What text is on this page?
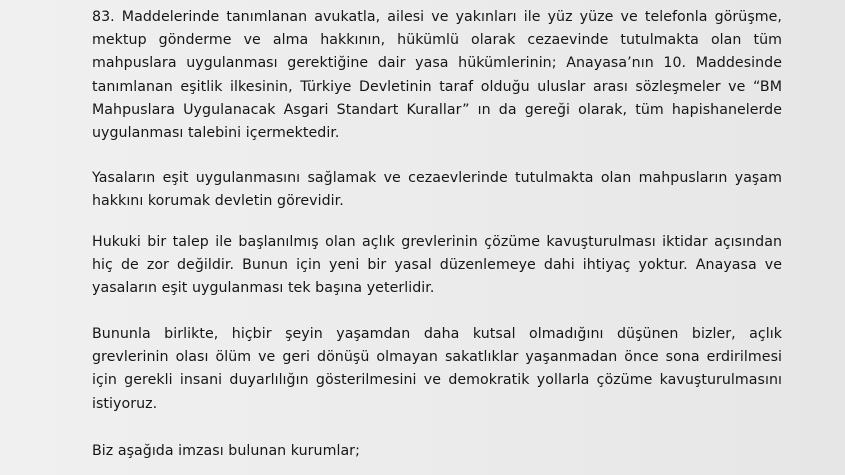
83. Maddelerinde tanımlanan avukatla, ailesi ve yakınları ile yüz yüze ve telefonla görüşme,
mektup gönderme ve alma hakkının, hükümlü olarak cezaevinde tutulmakta olan tüm
mahpuslara uygulanması gerektiğine dair yasa hükümlerinin; Anayasa’nın 10. Maddesinde
tanımlanan eşitlik ilkesinin, Türkiye Devletinin taraf olduğu uluslar arası sözleşmeler ve “BM
Mahpuslara Uygulanacak Asgari Standart Kurallar” ın da gereği olarak, tüm hapishanelerde
uygulanması talebini içermektedir.

Yasaların eşit uygulanmasını sağlamak ve cezaevlerinde tutulmakta olan mahpusların yaşam
hakkını korumak devletin görevidir.

Hukuki bir talep ile başlanılmış olan açlık grevlerinin çözüme kavuşturulması iktidar açısından
hiç de zor değildir. Bunun için yeni bir yasal düzenlemeye dahi ihtiyaç yoktur. Anayasa ve
yasaların eşit uygulanması tek başına yeterlidir.

Bununla birlikte, hiçbir şeyin yaşamdan daha kutsal olmadığını düşünen bizler, açlık
grevlerinin olası ölüm ve geri dönüşü olmayan sakatlıklar yaşanmadan önce sona erdirilmesi
için gerekli insani duyarlılığın gösterilmesini ve demokratik yollarla çözüme kavuşturulmasını
istiyoruz.

Biz aşağıda imzası bulunan kurumlar;
